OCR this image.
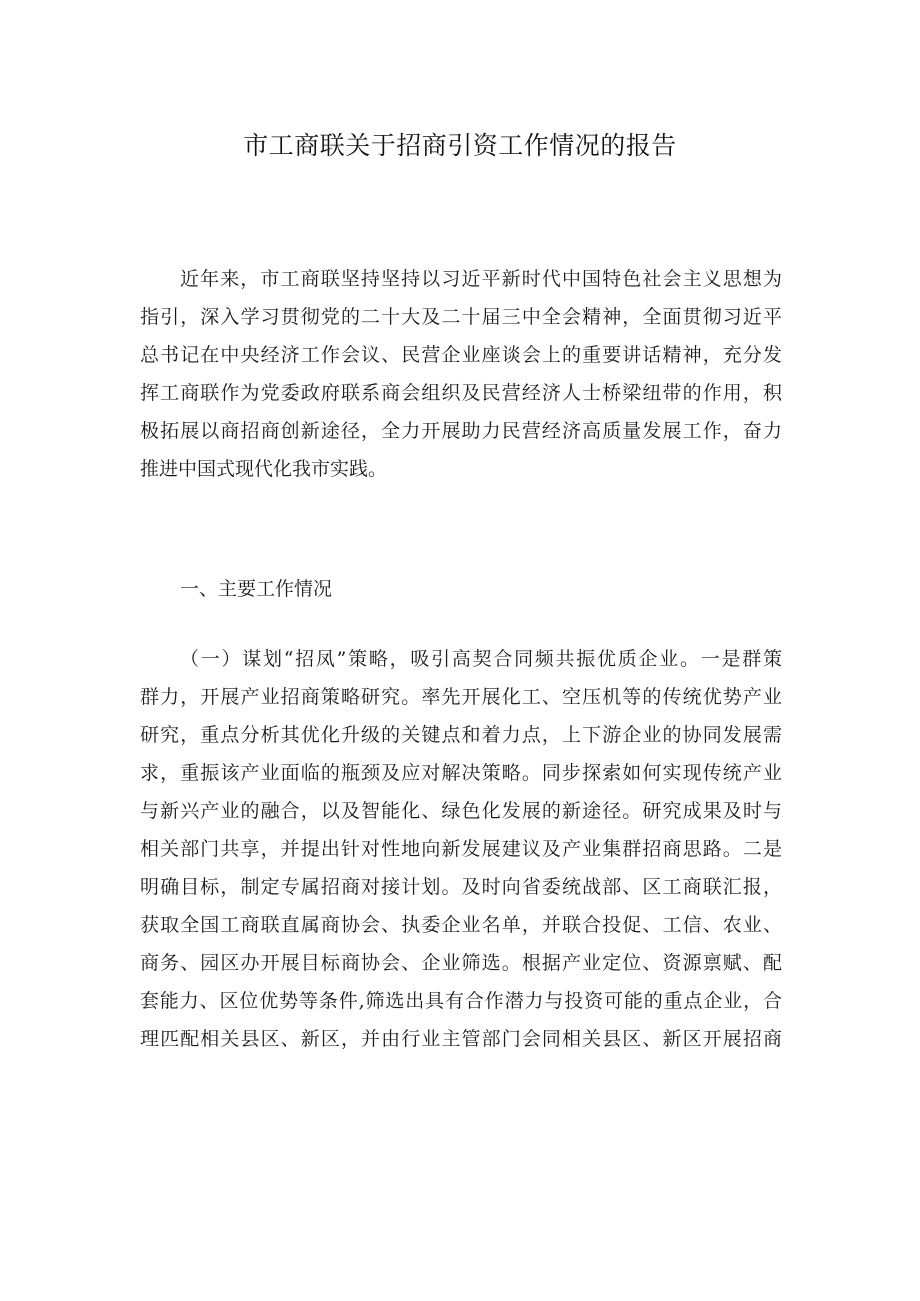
市工商联关于招商引资工作情况的报告
近年来，市工商联坚持坚持以习近平新时代中国特色社会主义思想为
指引，深入学习贯彻党的二十大及二十届三中全会精神，全面贯彻习近平
总书记在中央经济工作会议、民营企业座谈会上的重要讲话精神，充分发
挥工商联作为党委政府联系商会组织及民营经济人士桥梁纽带的作用，积
极拓展以商招商创新途径，全力开展助力民营经济高质量发展工作，奋力
推进中国式现代化我市实践。
一、主要工作情况
（一）谋划“招凤”策略，吸引高契合同频共振优质企业。一是群策
群力，开展产业招商策略研究。率先开展化工、空压机等的传统优势产业
研究，重点分析其优化升级的关键点和着力点，上下游企业的协同发展需
求，重振该产业面临的瓶颈及应对解决策略。同步探索如何实现传统产业
与新兴产业的融合，以及智能化、绿色化发展的新途径。研究成果及时与
相关部门共享，并提出针对性地向新发展建议及产业集群招商思路。二是
明确目标，制定专属招商对接计划。及时向省委统战部、区工商联汇报，
获取全国工商联直属商协会、执委企业名单，并联合投促、工信、农业、
商务、园区办开展目标商协会、企业筛选。根据产业定位、资源禀赋、配
套能力、区位优势等条件,筛选出具有合作潜力与投资可能的重点企业，合
理匹配相关县区、新区，并由行业主管部门会同相关县区、新区开展招商
